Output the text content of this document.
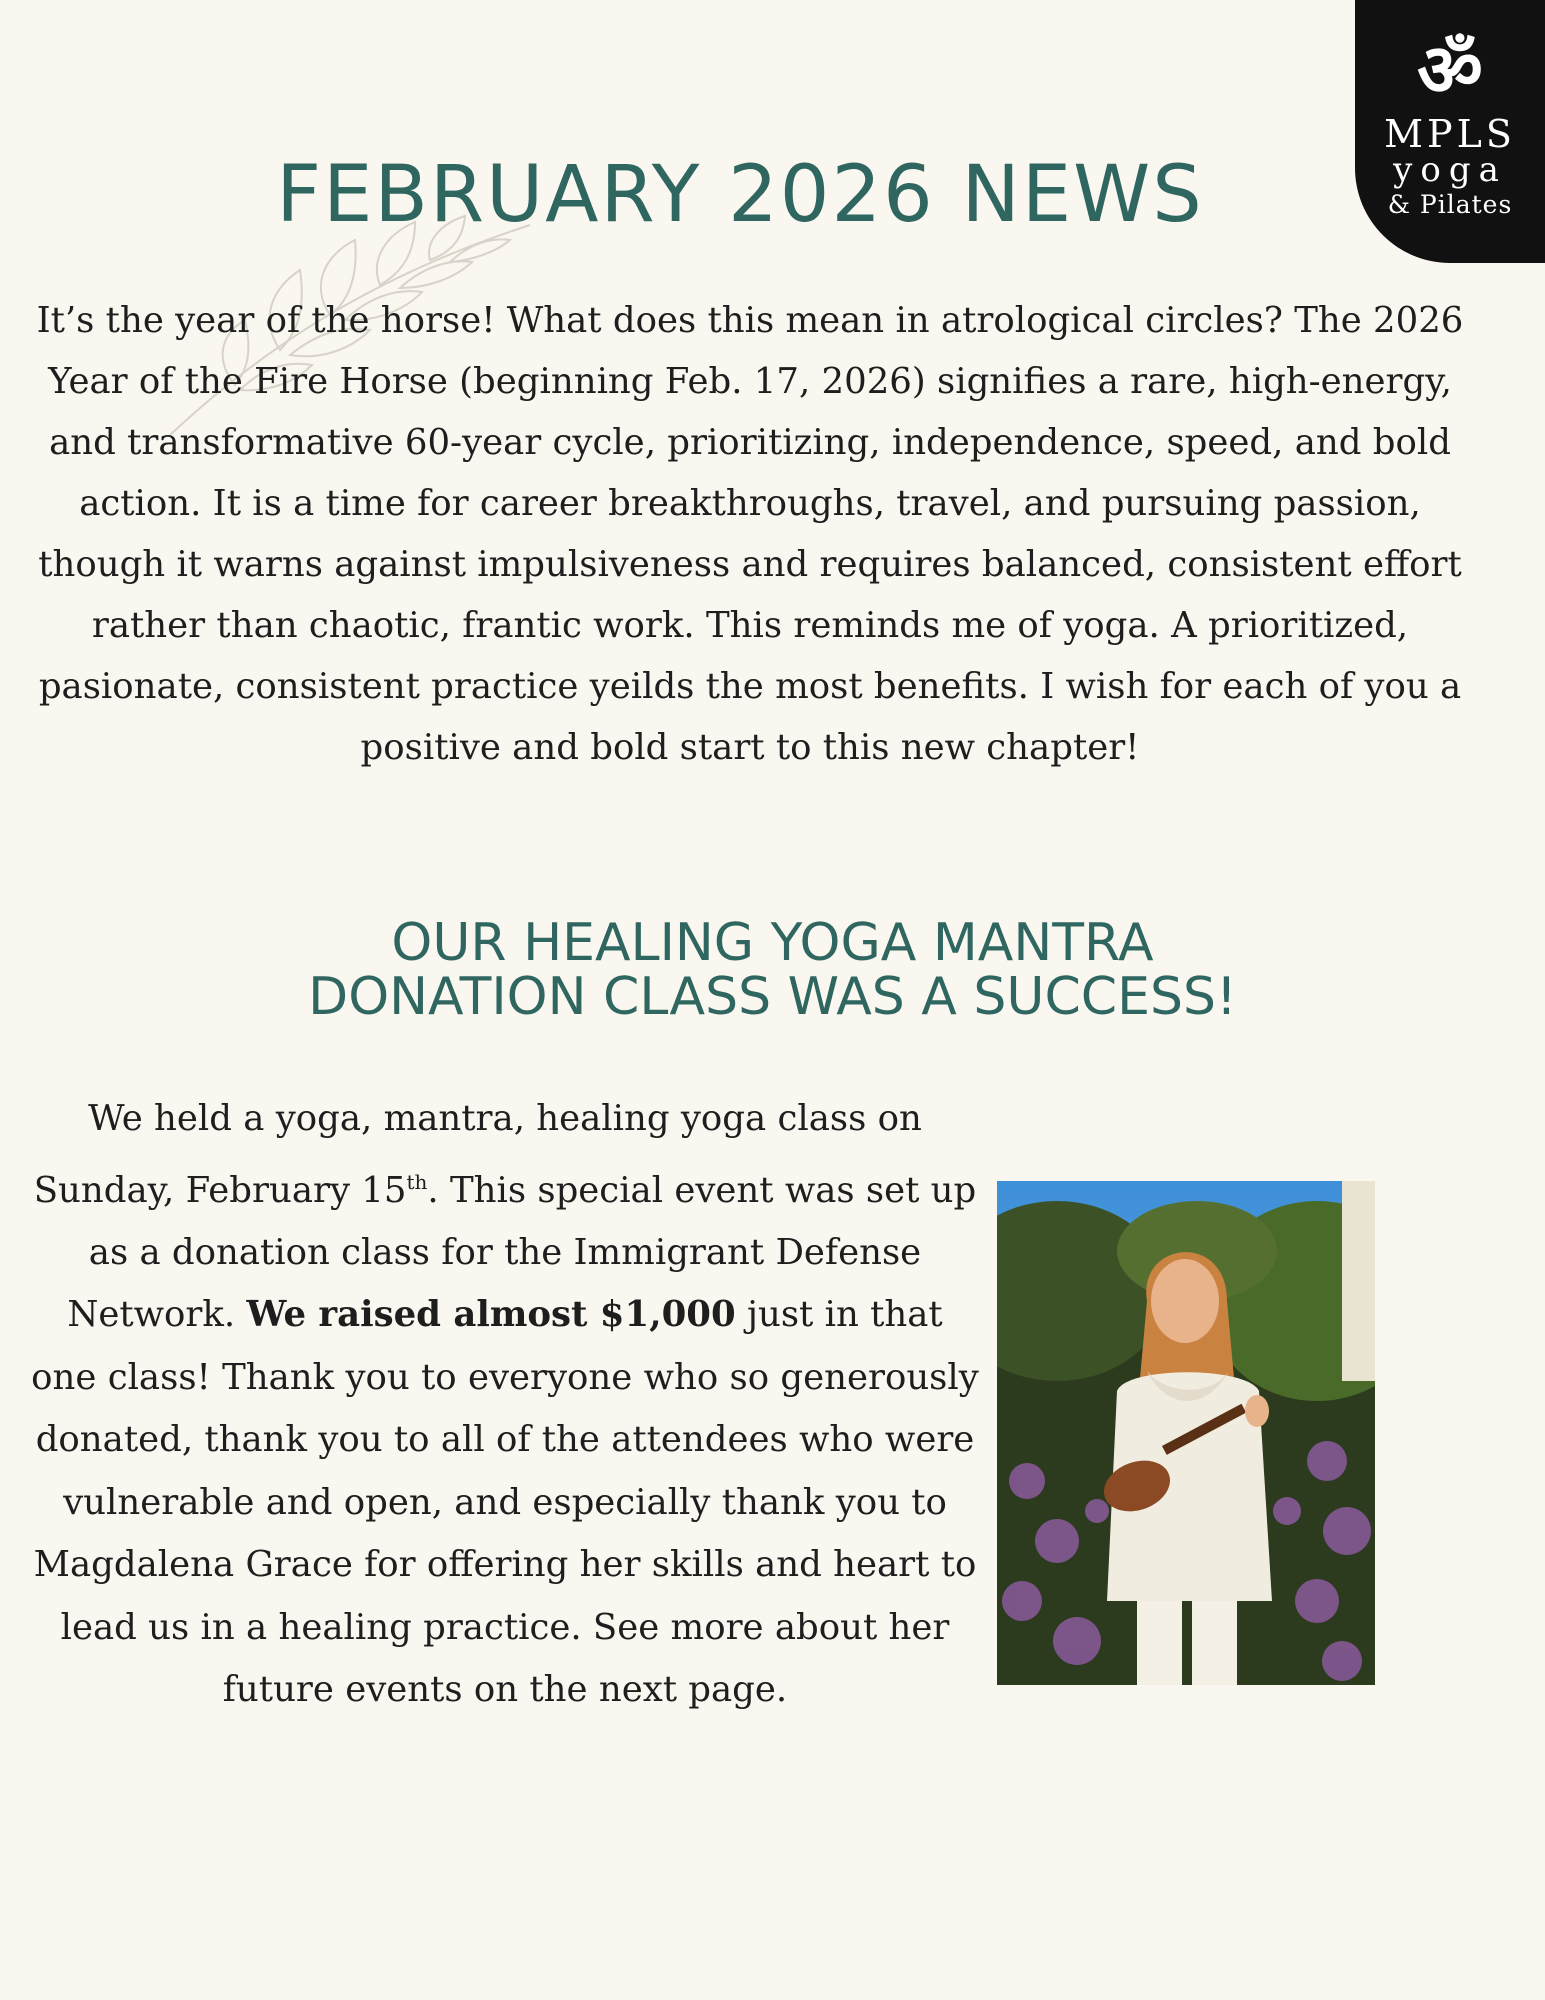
ॐ
MPLS
yoga
& Pilates
FEBRUARY 2026 NEWS

It’s the year of the horse! What does this mean in atrological circles? The 2026 Year of the Fire Horse (beginning Feb. 17, 2026) signifies a rare, high-energy, and transformative 60-year cycle, prioritizing, independence, speed, and bold action. It is a time for career breakthroughs, travel, and pursuing passion, though it warns against impulsiveness and requires balanced, consistent effort rather than chaotic, frantic work. This reminds me of yoga. A prioritized, pasionate, consistent practice yeilds the most benefits. I wish for each of you a positive and bold start to this new chapter!

OUR HEALING YOGA MANTRA
DONATION CLASS WAS A SUCCESS!

We held a yoga, mantra, healing yoga class on Sunday, February 15th. This special event was set up as a donation class for the Immigrant Defense Network. We raised almost $1,000 just in that one class! Thank you to everyone who so generously donated, thank you to all of the attendees who were vulnerable and open, and especially thank you to Magdalena Grace for offering her skills and heart to lead us in a healing practice. See more about her future events on the next page.
